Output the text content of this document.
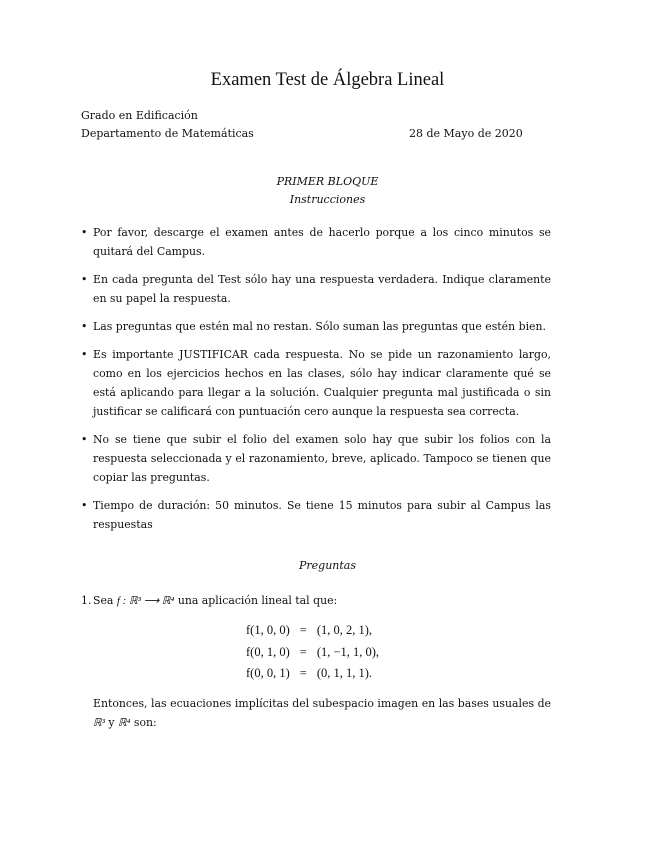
Examen Test de Álgebra Lineal
Grado en Edificación
Departamento de Matemáticas	28 de Mayo de 2020
PRIMER BLOQUE
Instrucciones
• Por favor, descarge el examen antes de hacerlo porque a los cinco minutos se quitará del Campus.
• En cada pregunta del Test sólo hay una respuesta verdadera. Indique claramente en su papel la respuesta.
• Las preguntas que estén mal no restan. Sólo suman las preguntas que estén bien.
• Es importante JUSTIFICAR cada respuesta. No se pide un razonamiento largo, como en los ejercicios hechos en las clases, sólo hay indicar claramente qué se está aplicando para llegar a la solución. Cualquier pregunta mal justificada o sin justificar se calificará con puntuación cero aunque la respuesta sea correcta.
• No se tiene que subir el folio del examen solo hay que subir los folios con la respuesta seleccionada y el razonamiento, breve, aplicado. Tampoco se tienen que copiar las preguntas.
• Tiempo de duración: 50 minutos. Se tiene 15 minutos para subir al Campus las respuestas
Preguntas
1. Sea f : ℝ³ ⟶ ℝ⁴ una aplicación lineal tal que:
f(1, 0, 0)	=	(1, 0, 2, 1),
f(0, 1, 0)	=	(1, −1, 1, 0),
f(0, 0, 1)	=	(0, 1, 1, 1).
Entonces, las ecuaciones implícitas del subespacio imagen en las bases usuales de ℝ³ y ℝ⁴ son:
